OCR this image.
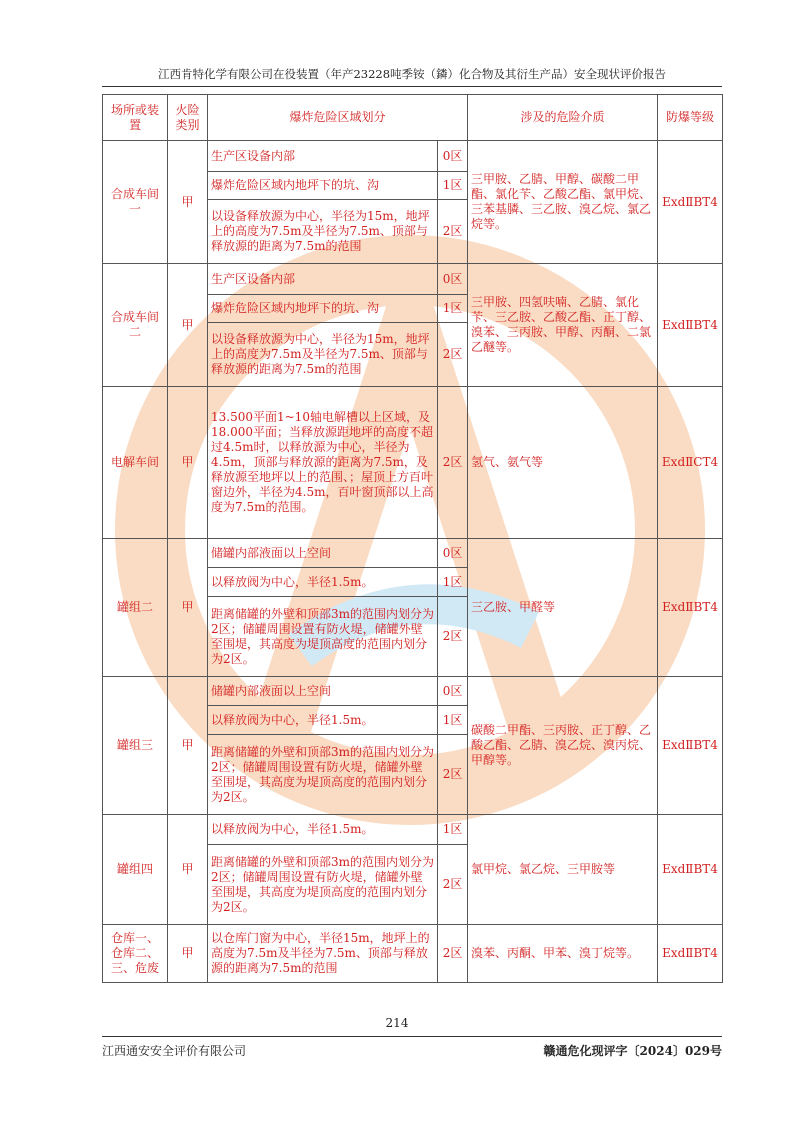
江西肯特化学有限公司在役装置（年产23228吨季铵（鏻）化合物及其衍生产品）安全现状评价报告
场所或装置	火险类别	爆炸危险区域划分		涉及的危险介质	防爆等级
合成车间一	甲	生产区设备内部	0区	三甲胺、乙腈、甲醇、碳酸二甲酯、氯化苄、乙酸乙酯、氯甲烷、三苯基膦、三乙胺、溴乙烷、氯乙烷等。	ExdⅡBT4
		爆炸危险区域内地坪下的坑、沟	1区		
		以设备释放源为中心，半径为15m，地坪上的高度为7.5m及半径为7.5m、顶部与释放源的距离为7.5m的范围	2区		
合成车间二	甲	生产区设备内部	0区	三甲胺、四氢呋喃、乙腈、氯化苄、三乙胺、乙酸乙酯、正丁醇、溴苯、三丙胺、甲醇、丙酮、二氯乙醚等。	ExdⅡBT4
		爆炸危险区域内地坪下的坑、沟	1区		
		以设备释放源为中心，半径为15m，地坪上的高度为7.5m及半径为7.5m、顶部与释放源的距离为7.5m的范围	2区		
电解车间	甲	13.500平面1~10轴电解槽以上区域，及18.000平面；当释放源距地坪的高度不超过4.5m时，以释放源为中心，半径为4.5m，顶部与释放源的距离为7.5m，及释放源至地坪以上的范围、；屋顶上方百叶窗边外，半径为4.5m，百叶窗顶部以上高度为7.5m的范围。	2区	氢气、氨气等	ExdⅡCT4
罐组二	甲	储罐内部液面以上空间	0区	三乙胺、甲醛等	ExdⅡBT4
		以释放阀为中心，半径1.5m。	1区		
		距离储罐的外壁和顶部3m的范围内划分为2区；储罐周围设置有防火堤，储罐外壁至围堤，其高度为堤顶高度的范围内划分为2区。	2区		
罐组三	甲	储罐内部液面以上空间	0区	碳酸二甲酯、三丙胺、正丁醇、乙酸乙酯、乙腈、溴乙烷、溴丙烷、甲醇等。	ExdⅡBT4
		以释放阀为中心，半径1.5m。	1区		
		距离储罐的外壁和顶部3m的范围内划分为2区；储罐周围设置有防火堤，储罐外壁至围堤，其高度为堤顶高度的范围内划分为2区。	2区		
罐组四	甲	以释放阀为中心，半径1.5m。	1区	氯甲烷、氯乙烷、三甲胺等	ExdⅡBT4
		距离储罐的外壁和顶部3m的范围内划分为2区；储罐周围设置有防火堤，储罐外壁至围堤，其高度为堤顶高度的范围内划分为2区。	2区		
仓库一、仓库二、三、危废	甲	以仓库门窗为中心，半径15m，地坪上的高度为7.5m及半径为7.5m、顶部与释放源的距离为7.5m的范围	2区	溴苯、丙酮、甲苯、溴丁烷等。	ExdⅡBT4
214
江西通安安全评价有限公司	赣通危化现评字〔2024〕029号
